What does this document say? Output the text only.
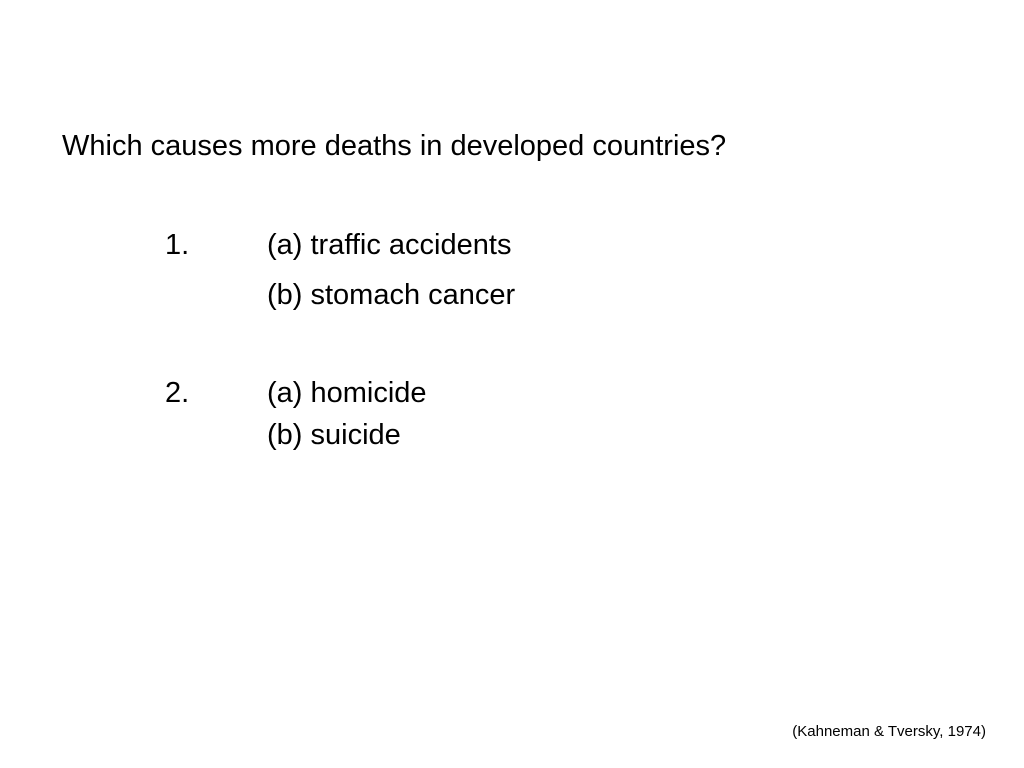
Which causes more deaths in developed countries?
1.	(a) traffic accidents
(b) stomach cancer
2.	(a) homicide
(b) suicide
(Kahneman & Tversky, 1974)
